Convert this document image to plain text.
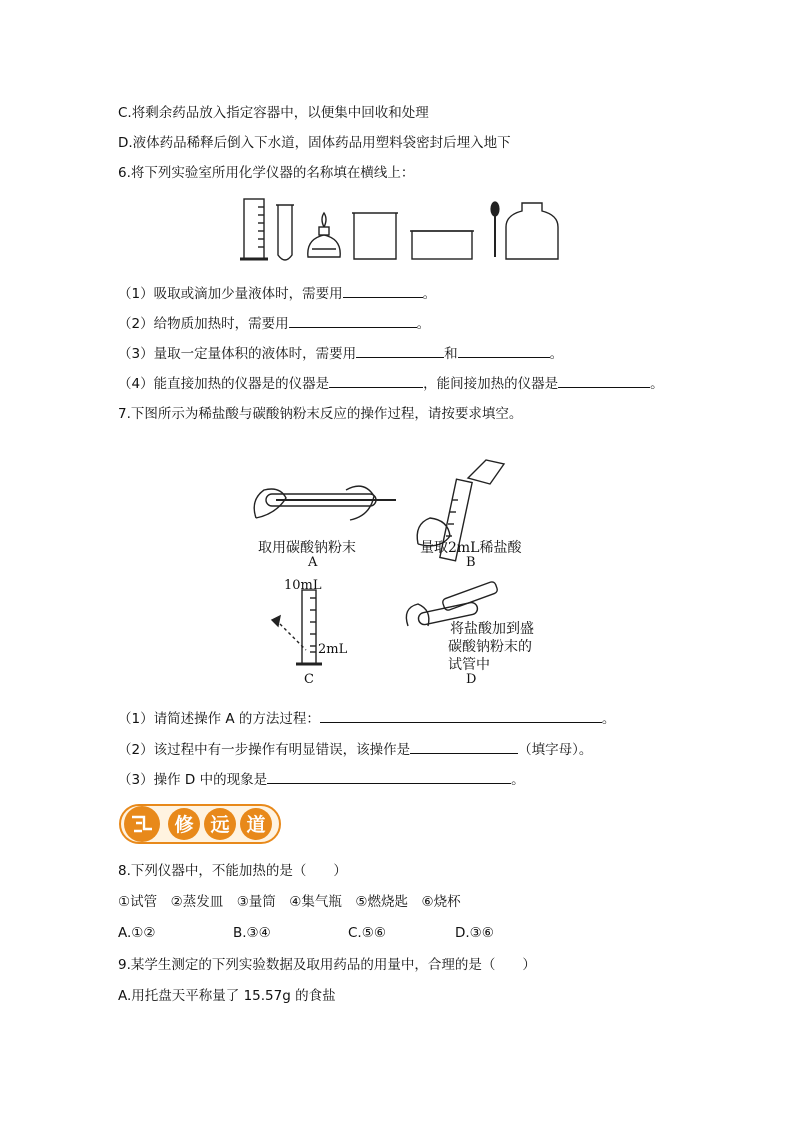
C.将剩余药品放入指定容器中，以便集中回收和处理
D.液体药品稀释后倒入下水道，固体药品用塑料袋密封后埋入地下
6.将下列实验室所用化学仪器的名称填在横线上：
（1）吸取或滴加少量液体时，需要用	。
（2）给物质加热时，需要用	。
（3）量取一定量体积的液体时，需要用	和	。
（4）能直接加热的仪器是的仪器是	，能间接加热的仪器是	。
7.下图所示为稀盐酸与碳酸钠粉末反应的操作过程，请按要求填空。
取用碳酸钠粉末
A
量取2mL稀盐酸
B
10mL
2mL
C
将盐酸加到盛
碳酸钠粉末的
试管中
D
（1）请简述操作 A 的方法过程：	。
（2）该过程中有一步操作有明显错误，该操作是	（填字母）。
（3）操作 D 中的现象是	。
修 远 道
8.下列仪器中，不能加热的是（　　）
①试管　②蒸发皿　③量筒　④集气瓶　⑤燃烧匙　⑥烧杯
A.①②	B.③④	C.⑤⑥	D.③⑥
9.某学生测定的下列实验数据及取用药品的用量中，合理的是（　　）
A.用托盘天平称量了 15.57g 的食盐
